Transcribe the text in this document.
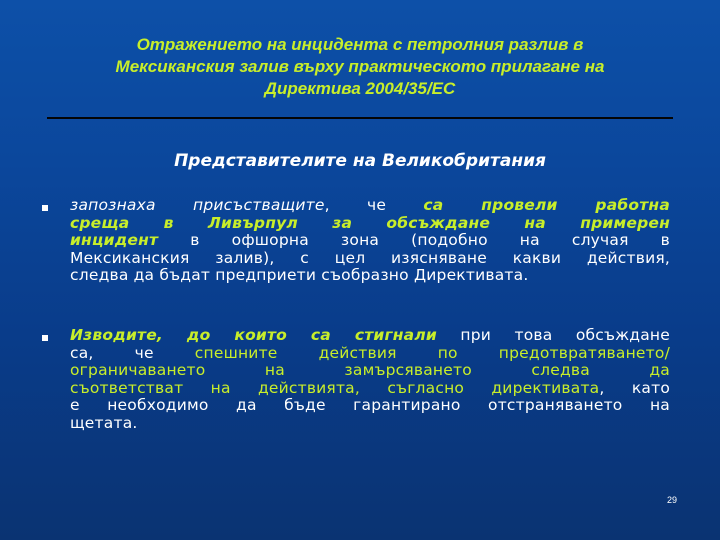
Отражението на инцидента с петролния разлив в
Мексиканския залив върху практическото прилагане на
Директива 2004/35/ЕС
Представителите на Великобритания
запознаха присъстващите, че са провели работна
среща в Ливърпул за обсъждане на примерен
инцидент в офшорна зона (подобно на случая в
Мексиканския залив), с цел изясняване какви действия,
следва да бъдат предприети съобразно Директивата.
Изводите, до които са стигнали при това обсъждане
са, че спешните действия по предотвратяването/
ограничаването на замърсяването следва да
съответстват на действията, съгласно директивата, като
е необходимо да бъде гарантирано отстраняването на
щетата.
29
